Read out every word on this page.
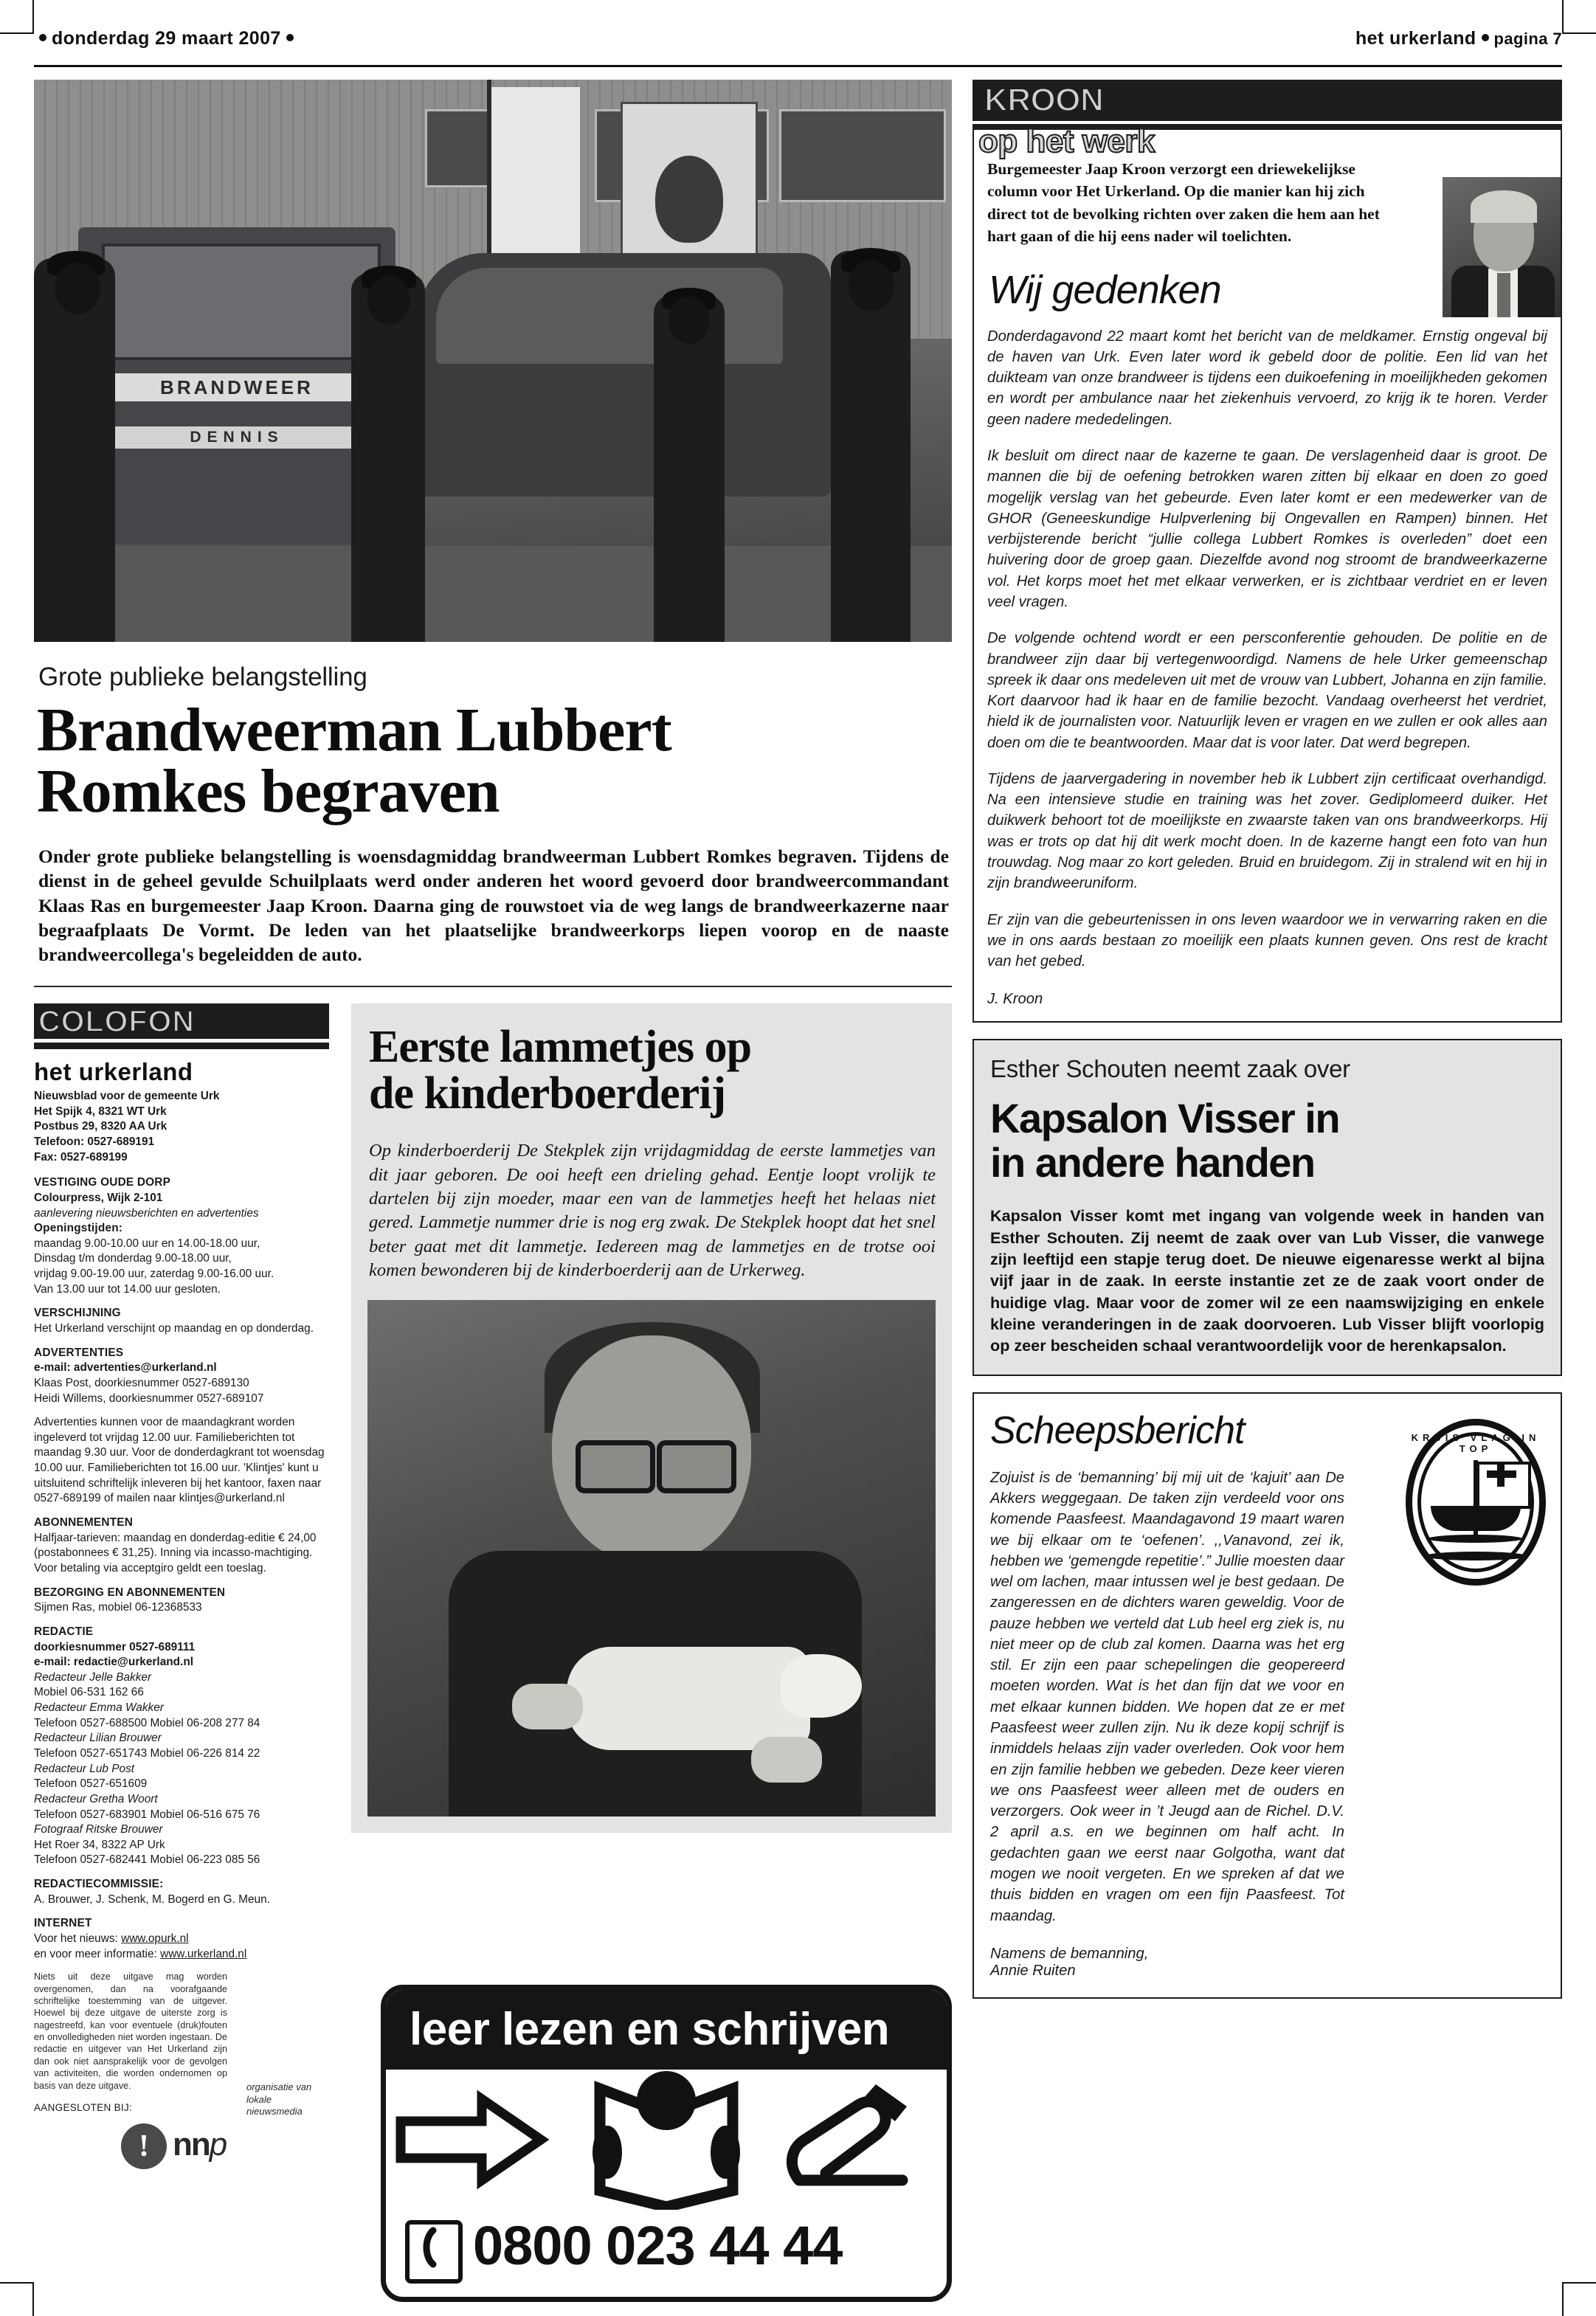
donderdag 29 maart 2007	het urkerland pagina 7
BRANDWEER
DENNIS
Grote publieke belangstelling
Brandweerman Lubbert
Romkes begraven

Onder grote publieke belangstelling is woensdagmiddag brandweerman Lubbert Romkes begraven. Tijdens de dienst in de geheel gevulde Schuilplaats werd onder anderen het woord gevoerd door brandweercommandant Klaas Ras en burgemeester Jaap Kroon. Daarna ging de rouwstoet via de weg langs de brandweerkazerne naar begraafplaats De Vormt. De leden van het plaatselijke brandweerkorps liepen voorop en de naaste brandweercollega's begeleidden de auto.

COLOFON
het urkerland

Nieuwsblad voor de gemeente Urk
Het Spijk 4, 8321 WT Urk
Postbus 29, 8320 AA Urk
Telefoon: 0527-689191
Fax: 0527-689199

VESTIGING OUDE DORP
Colourpress, Wijk 2-101
aanlevering nieuwsberichten en advertenties
Openingstijden:
maandag 9.00-10.00 uur en 14.00-18.00 uur,
Dinsdag t/m donderdag 9.00-18.00 uur,
vrijdag 9.00-19.00 uur, zaterdag 9.00-16.00 uur.
Van 13.00 uur tot 14.00 uur gesloten.

VERSCHIJNING
Het Urkerland verschijnt op maandag en op donderdag.

ADVERTENTIES
e-mail: advertenties@urkerland.nl
Klaas Post, doorkiesnummer 0527-689130
Heidi Willems, doorkiesnummer 0527-689107

Advertenties kunnen voor de maandagkrant worden ingeleverd tot vrijdag 12.00 uur. Familieberichten tot maandag 9.30 uur. Voor de donderdagkrant tot woensdag 10.00 uur. Familieberichten tot 16.00 uur. 'Klintjes' kunt u uitsluitend schriftelijk inleveren bij het kantoor, faxen naar 0527-689199 of mailen naar klintjes@urkerland.nl

ABONNEMENTEN
Halfjaar-tarieven: maandag en donderdag-editie € 24,00 (postabonnees € 31,25). Inning via incasso-machtiging. Voor betaling via acceptgiro geldt een toeslag.

BEZORGING EN ABONNEMENTEN
Sijmen Ras, mobiel 06-12368533

REDACTIE
doorkiesnummer 0527-689111
e-mail: redactie@urkerland.nl
Redacteur Jelle Bakker
Mobiel 06-531 162 66
Redacteur Emma Wakker
Telefoon 0527-688500 Mobiel 06-208 277 84
Redacteur Lilian Brouwer
Telefoon 0527-651743 Mobiel 06-226 814 22
Redacteur Lub Post
Telefoon 0527-651609
Redacteur Gretha Woort
Telefoon 0527-683901 Mobiel 06-516 675 76
Fotograaf Ritske Brouwer
Het Roer 34, 8322 AP Urk
Telefoon 0527-682441 Mobiel 06-223 085 56

REDACTIECOMMISSIE:
A. Brouwer, J. Schenk, M. Bogerd en G. Meun.

INTERNET
Voor het nieuws: www.opurk.nl
en voor meer informatie: www.urkerland.nl

Niets uit deze uitgave mag worden overgenomen, dan na voorafgaande schriftelijke toestemming van de uitgever. Hoewel bij deze uitgave de uiterste zorg is nagestreefd, kan voor eventuele (druk)fouten en onvolledigheden niet worden ingestaan. De redactie en uitgever van Het Urkerland zijn dan ook niet aansprakelijk voor de gevolgen van activiteiten, die worden ondernomen op basis van deze uitgave.	organisatie van lokale nieuwsmedia
AANGESLOTEN BIJ:
! nnp
Eerste lammetjes op
de kinderboerderij

Op kinderboerderij De Stekplek zijn vrijdagmiddag de eerste lammetjes van dit jaar geboren. De ooi heeft een drieling gehad. Eentje loopt vrolijk te dartelen bij zijn moeder, maar een van de lammetjes heeft het helaas niet gered. Lammetje nummer drie is nog erg zwak. De Stekplek hoopt dat het snel beter gaat met dit lammetje. Iedereen mag de lammetjes en de trotse ooi komen bewonderen bij de kinderboerderij aan de Urkerweg.

leer lezen en schrijven
0800 023 44 44
KROON
op het werk

Burgemeester Jaap Kroon verzorgt een driewekelijkse column voor Het Urkerland. Op die manier kan hij zich direct tot de bevolking richten over zaken die hem aan het hart gaan of die hij eens nader wil toelichten.

Wij gedenken

Donderdagavond 22 maart komt het bericht van de meldkamer. Ernstig ongeval bij de haven van Urk. Even later word ik gebeld door de politie. Een lid van het duikteam van onze brandweer is tijdens een duikoefening in moeilijkheden gekomen en wordt per ambulance naar het ziekenhuis vervoerd, zo krijg ik te horen. Verder geen nadere mededelingen.

Ik besluit om direct naar de kazerne te gaan. De verslagenheid daar is groot. De mannen die bij de oefening betrokken waren zitten bij elkaar en doen zo goed mogelijk verslag van het gebeurde. Even later komt er een medewerker van de GHOR (Geneeskundige Hulpverlening bij Ongevallen en Rampen) binnen. Het verbijsterende bericht “jullie collega Lubbert Romkes is overleden” doet een huivering door de groep gaan. Diezelfde avond nog stroomt de brandweerkazerne vol. Het korps moet het met elkaar verwerken, er is zichtbaar verdriet en er leven veel vragen.

De volgende ochtend wordt er een persconferentie gehouden. De politie en de brandweer zijn daar bij vertegenwoordigd. Namens de hele Urker gemeenschap spreek ik daar ons medeleven uit met de vrouw van Lubbert, Johanna en zijn familie. Kort daarvoor had ik haar en de familie bezocht. Vandaag overheerst het verdriet, hield ik de journalisten voor. Natuurlijk leven er vragen en we zullen er ook alles aan doen om die te beantwoorden. Maar dat is voor later. Dat werd begrepen.

Tijdens de jaarvergadering in november heb ik Lubbert zijn certificaat overhandigd. Na een intensieve studie en training was het zover. Gediplomeerd duiker. Het duikwerk behoort tot de moeilijkste en zwaarste taken van ons brandweerkorps. Hij was er trots op dat hij dit werk mocht doen. In de kazerne hangt een foto van hun trouwdag. Nog maar zo kort geleden. Bruid en bruidegom. Zij in stralend wit en hij in zijn brandweeruniform.

Er zijn van die gebeurtenissen in ons leven waardoor we in verwarring raken en die we in ons aards bestaan zo moeilijk een plaats kunnen geven. Ons rest de kracht van het gebed.

J. Kroon
Esther Schouten neemt zaak over
Kapsalon Visser in
in andere handen

Kapsalon Visser komt met ingang van volgende week in handen van Esther Schouten. Zij neemt de zaak over van Lub Visser, die vanwege zijn leeftijd een stapje terug doet. De nieuwe eigenaresse werkt al bijna vijf jaar in de zaak. In eerste instantie zet ze de zaak voort onder de huidige vlag. Maar voor de zomer wil ze een naamswijziging en enkele kleine veranderingen in de zaak doorvoeren. Lub Visser blijft voorlopig op zeer bescheiden schaal verantwoordelijk voor de herenkapsalon.

KRUIS VLAG IN TOP
Scheepsbericht

Zojuist is de ‘bemanning’ bij mij uit de ‘kajuit’ aan De Akkers weggegaan. De taken zijn verdeeld voor ons komende Paasfeest. Maandagavond 19 maart waren we bij elkaar om te ‘oefenen’. ,,Vanavond, zei ik, hebben we ‘gemengde repetitie’.” Jullie moesten daar wel om lachen, maar intussen wel je best gedaan. De zangeressen en de dichters waren geweldig. Voor de pauze hebben we verteld dat Lub heel erg ziek is, nu niet meer op de club zal komen. Daarna was het erg stil. Er zijn een paar schepelingen die geopereerd moeten worden. Wat is het dan fijn dat we voor en met elkaar kunnen bidden. We hopen dat ze er met Paasfeest weer zullen zijn. Nu ik deze kopij schrijf is inmiddels helaas zijn vader overleden. Ook voor hem en zijn familie hebben we gebeden. Deze keer vieren we ons Paasfeest weer alleen met de ouders en verzorgers. Ook weer in ’t Jeugd aan de Richel. D.V. 2 april a.s. en we beginnen om half acht. In gedachten gaan we eerst naar Golgotha, want dat mogen we nooit vergeten. En we spreken af dat we thuis bidden en vragen om een fijn Paasfeest. Tot maandag.

Namens de bemanning,
Annie Ruiten
